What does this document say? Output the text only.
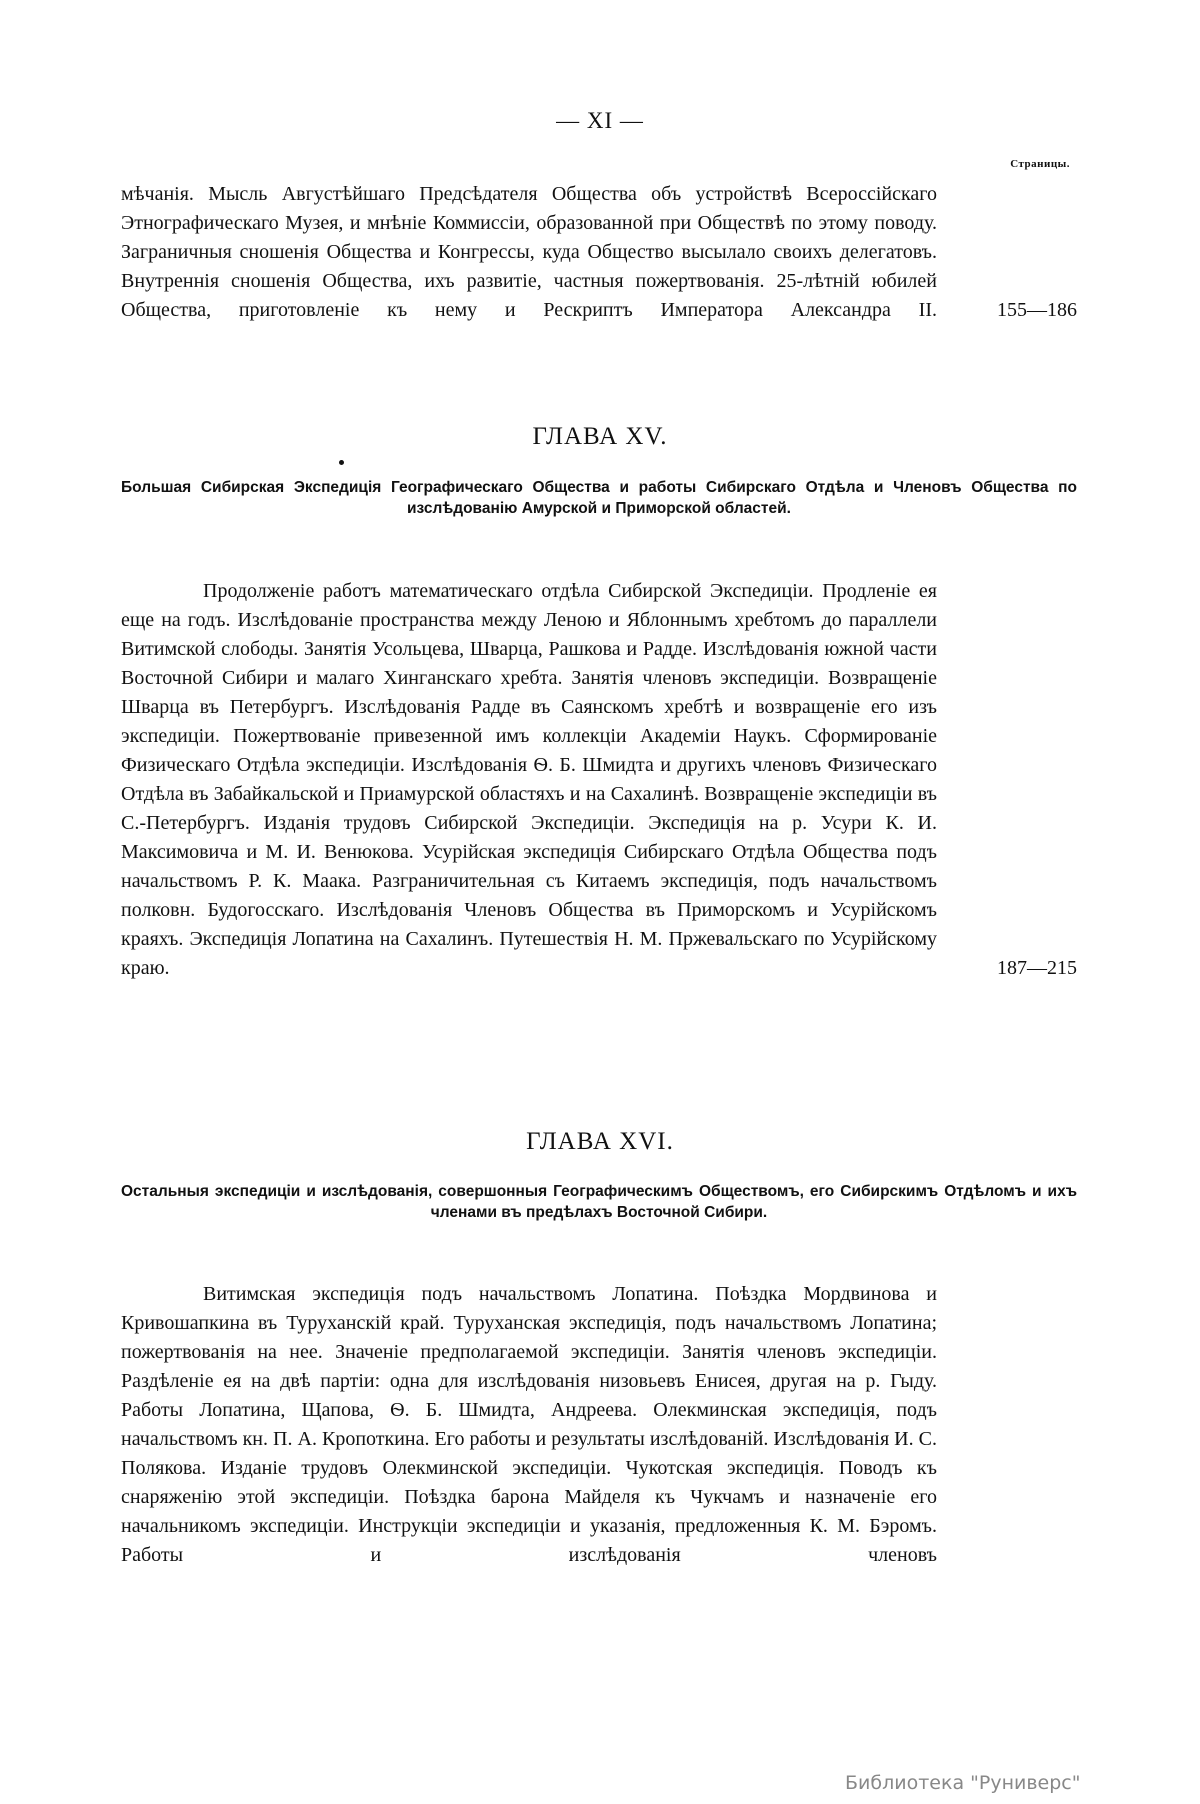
— XI —
Страницы.
мѣчанія. Мысль Августѣйшаго Предсѣдателя Общества объ устройствѣ Всероссійскаго Этнографическаго Музея, и мнѣніе Коммиссіи, образованной при Обществѣ по этому поводу. Заграничныя сношенія Общества и Конгрессы, куда Общество высылало своихъ делегатовъ. Внутреннія сношенія Общества, ихъ развитіе, частныя пожертвованія. 25-лѣтній юбилей Общества, приготовленіе къ нему и Рескриптъ Императора Александра II.	155—186
ГЛАВА XV.
Большая Сибирская Экспедиція Географическаго Общества и работы Сибирскаго Отдѣла и Членовъ Общества по изслѣдованію Амурской и Приморской областей.
Продолженіе работъ математическаго отдѣла Сибирской Экспедиціи. Продленіе ея еще на годъ. Изслѣдованіе пространства между Леною и Яблоннымъ хребтомъ до параллели Витимской слободы. Занятія Усольцева, Шварца, Рашкова и Радде. Изслѣдованія южной части Восточной Сибири и малаго Хинганскаго хребта. Занятія членовъ экспедиціи. Возвращеніе Шварца въ Петербургъ. Изслѣдованія Радде въ Саянскомъ хребтѣ и возвращеніе его изъ экспедиціи. Пожертвованіе привезенной имъ коллекціи Академіи Наукъ. Сформированіе Физическаго Отдѣла экспедиціи. Изслѣдованія Ѳ. Б. Шмидта и другихъ членовъ Физическаго Отдѣла въ Забайкальской и Приамурской областяхъ и на Сахалинѣ. Возвращеніе экспедиціи въ С.-Петербургъ. Изданія трудовъ Сибирской Экспедиціи. Экспедиція на р. Усури К. И. Максимовича и М. И. Венюкова. Усурійская экспедиція Сибирскаго Отдѣла Общества подъ начальствомъ Р. К. Маака. Разграничительная съ Китаемъ экспедиція, подъ начальствомъ полковн. Будогосскаго. Изслѣдованія Членовъ Общества въ Приморскомъ и Усурійскомъ краяхъ. Экспедиція Лопатина на Сахалинъ. Путешествія Н. М. Пржевальскаго по Усурійскому краю.	187—215
ГЛАВА XVI.
Остальныя экспедиціи и изслѣдованія, совершонныя Географическимъ Обществомъ, его Сибирскимъ Отдѣломъ и ихъ членами въ предѣлахъ Восточной Сибири.
Витимская экспедиція подъ начальствомъ Лопатина. Поѣздка Мордвинова и Кривошапкина въ Туруханскій край. Туруханская экспедиція, подъ начальствомъ Лопатина; пожертвованія на нее. Значеніе предполагаемой экспедиціи. Занятія членовъ экспедиціи. Раздѣленіе ея на двѣ партіи: одна для изслѣдованія низовьевъ Енисея, другая на р. Гыду. Работы Лопатина, Щапова, Ѳ. Б. Шмидта, Андреева. Олекминская экспедиція, подъ начальствомъ кн. П. А. Кропоткина. Его работы и результаты изслѣдованій. Изслѣдованія И. С. Полякова. Изданіе трудовъ Олекминской экспедиціи. Чукотская экспедиція. Поводъ къ снаряженію этой экспедиціи. Поѣздка барона Майделя къ Чукчамъ и назначеніе его начальникомъ экспедиціи. Инструкціи экспедиціи и указанія, предложенныя К. М. Бэромъ. Работы и изслѣдованія членовъ
Библиотека "Руниверс"
